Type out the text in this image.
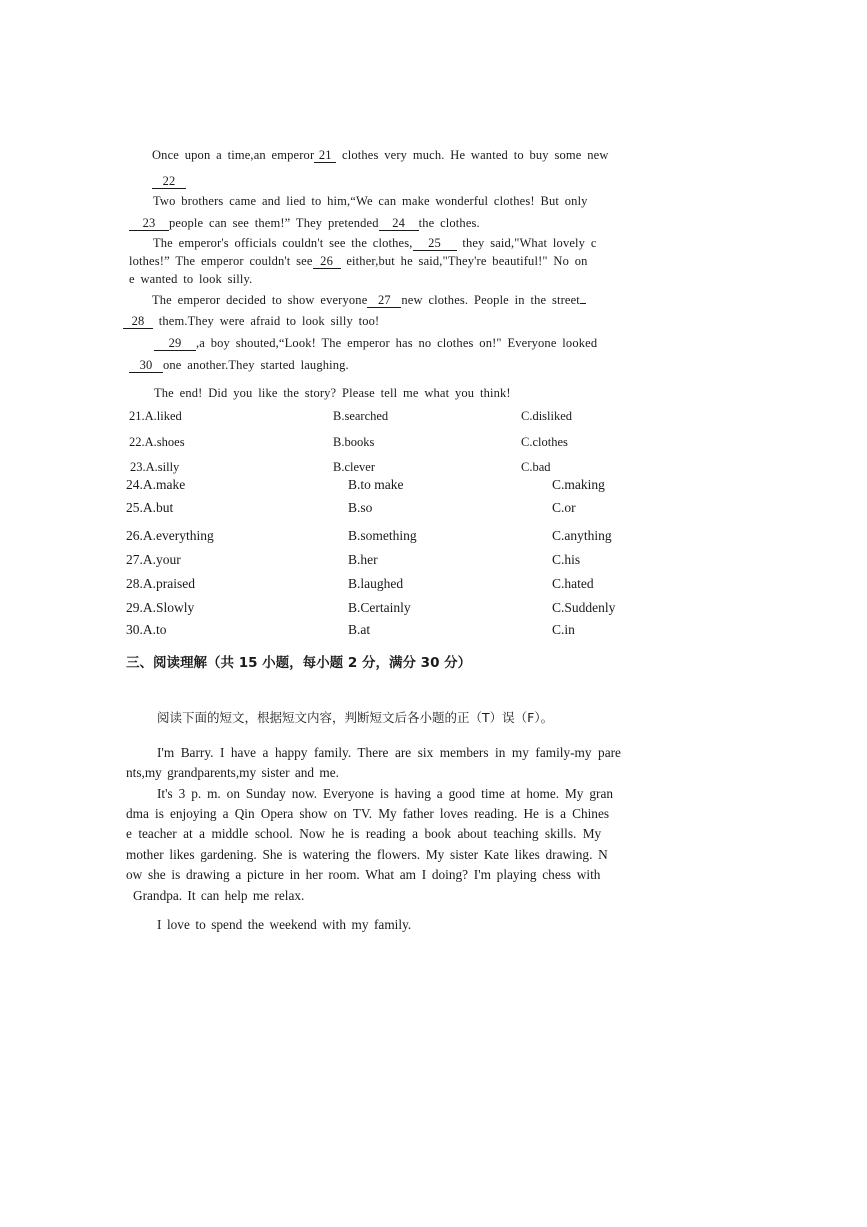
Once upon a time,an emperor 21 clothes very much. He wanted to buy some new
22
Two brothers came and lied to him,“We can make wonderful clothes! But only
23 people can see them!” They pretended 24 the clothes.
The emperor's officials couldn't see the clothes, 25 they said,"What lovely c
lothes!” The emperor couldn't see 26 either,but he said,"They're beautiful!" No on
e wanted to look silly.
The emperor decided to show everyone 27 new clothes. People in the street
28 them.They were afraid to look silly too!
29 ,a boy shouted,“Look! The emperor has no clothes on!" Everyone looked
30 one another.They started laughing.
The end! Did you like the story? Please tell me what you think!
21.A.liked	B.searched	C.disliked
22.A.shoes	B.books	C.clothes
23.A.silly	B.clever	C.bad
24.A.make	B.to make	C.making
25.A.but	B.so	C.or
26.A.everything	B.something	C.anything
27.A.your	B.her	C.his
28.A.praised	B.laughed	C.hated
29.A.Slowly	B.Certainly	C.Suddenly
30.A.to	B.at	C.in
三、阅读理解（共 15 小题，每小题 2 分，满分 30 分）
阅读下面的短文，根据短文内容，判断短文后各小题的正（T）误（F）。
I'm Barry. I have a happy family. There are six members in my family-my pare
nts,my grandparents,my sister and me.
It's 3 p. m. on Sunday now. Everyone is having a good time at home. My gran
dma is enjoying a Qin Opera show on TV. My father loves reading. He is a Chines
e teacher at a middle school. Now he is reading a book about teaching skills. My
mother likes gardening. She is watering the flowers. My sister Kate likes drawing. N
ow she is drawing a picture in her room. What am I doing? I'm playing chess with
Grandpa. It can help me relax.
I love to spend the weekend with my family.
